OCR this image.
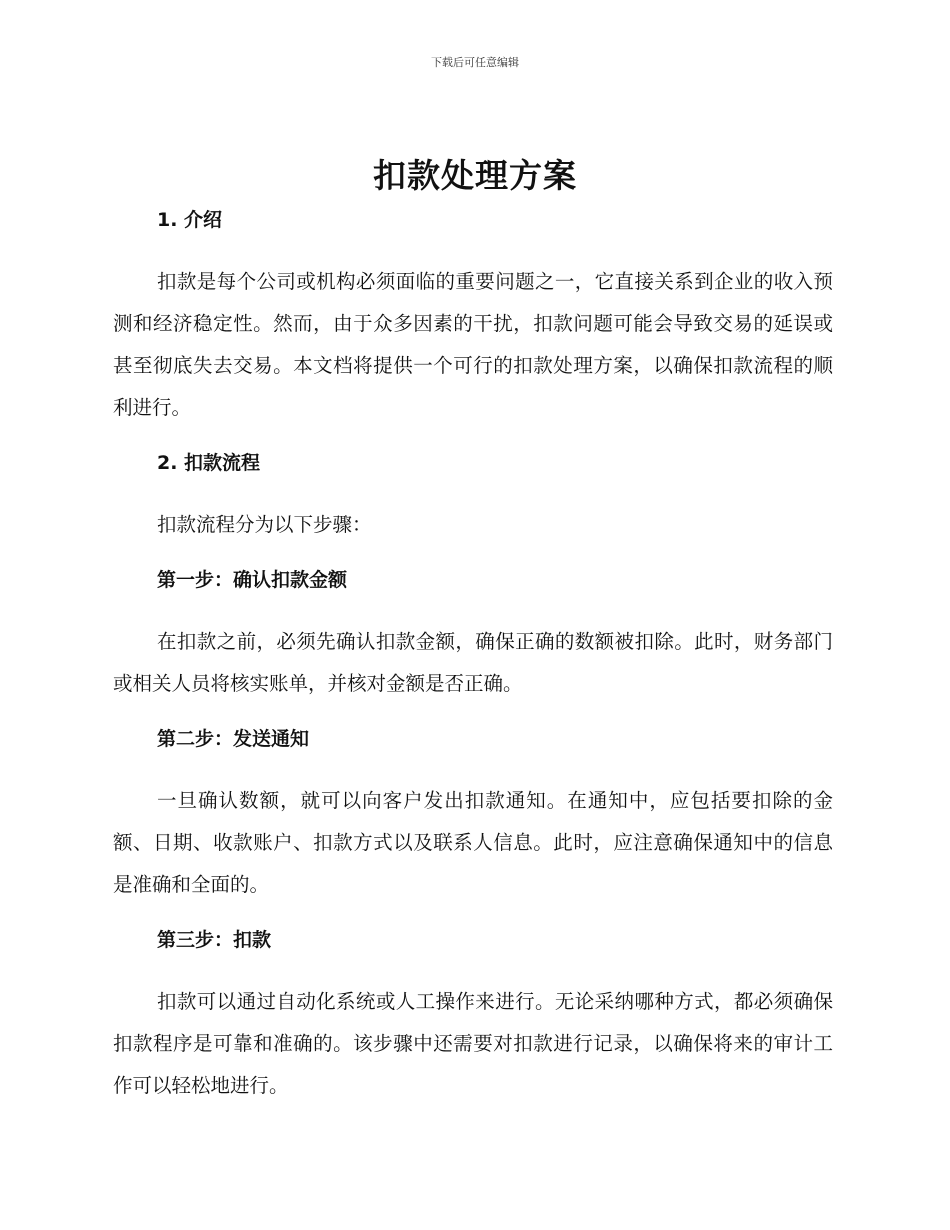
下载后可任意编辑
扣款处理方案
1. 介绍

扣款是每个公司或机构必须面临的重要问题之一，它直接关系到企业的收入预测和经济稳定性。然而，由于众多因素的干扰，扣款问题可能会导致交易的延误或甚至彻底失去交易。本文档将提供一个可行的扣款处理方案，以确保扣款流程的顺利进行。

2. 扣款流程

扣款流程分为以下步骤：

第一步：确认扣款金额

在扣款之前，必须先确认扣款金额，确保正确的数额被扣除。此时，财务部门或相关人员将核实账单，并核对金额是否正确。

第二步：发送通知

一旦确认数额，就可以向客户发出扣款通知。在通知中，应包括要扣除的金额、日期、收款账户、扣款方式以及联系人信息。此时，应注意确保通知中的信息是准确和全面的。

第三步：扣款

扣款可以通过自动化系统或人工操作来进行。无论采纳哪种方式，都必须确保扣款程序是可靠和准确的。该步骤中还需要对扣款进行记录，以确保将来的审计工作可以轻松地进行。
